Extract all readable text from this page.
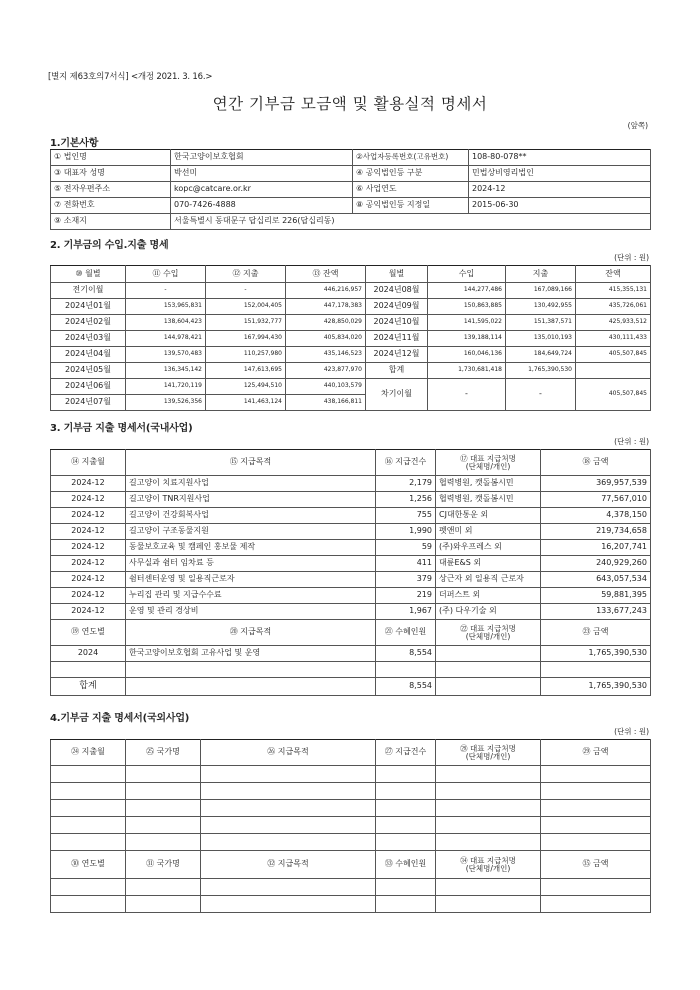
[별지 제63호의7서식] <개정 2021. 3. 16.>
연간 기부금 모금액 및 활용실적 명세서
(앞쪽)
1.기본사항
① 법인명	한국고양이보호협회	②사업자등록번호(고유번호)	108-80-078**
③ 대표자 성명	박선미	④ 공익법인등 구분	민법상비영리법인
⑤ 전자우편주소	kopc@catcare.or.kr	⑥ 사업연도	2024-12
⑦ 전화번호	070-7426-4888	⑧ 공익법인등 지정일	2015-06-30
⑨ 소재지	서울특별시 동대문구 답십리로 226(답십리동)		
2. 기부금의 수입.지출 명세
(단위 : 원)
⑩ 월별	⑪ 수입	⑫ 지출	⑬ 잔액	월별	수입	지출	잔액
전기이월	-	-	446,216,957	2024년08월	144,277,486	167,089,166	415,355,131
2024년01월	153,965,831	152,004,405	447,178,383	2024년09월	150,863,885	130,492,955	435,726,061
2024년02월	138,604,423	151,932,777	428,850,029	2024년10월	141,595,022	151,387,571	425,933,512
2024년03월	144,978,421	167,994,430	405,834,020	2024년11월	139,188,114	135,010,193	430,111,433
2024년04월	139,570,483	110,257,980	435,146,523	2024년12월	160,046,136	184,649,724	405,507,845
2024년05월	136,345,142	147,613,695	423,877,970	합계	1,730,681,418	1,765,390,530	
2024년06월	141,720,119	125,494,510	440,103,579	차기이월	-	-	405,507,845
2024년07월	139,526,356	141,463,124	438,166,811				
3. 기부금 지출 명세서(국내사업)
(단위 : 원)
⑭ 지출월	⑮ 지급목적	⑯ 지급건수	⑰ 대표 지급처명
(단체명/개인)	⑱ 금액
2024-12	길고양이 치료지원사업	2,179	협력병원, 캣돌봄시민	369,957,539
2024-12	길고양이 TNR지원사업	1,256	협력병원, 캣돌봄시민	77,567,010
2024-12	길고양이 건강회복사업	755	CJ대한통운 외	4,378,150
2024-12	길고양이 구조동물지원	1,990	펫앤미 외	219,734,658
2024-12	동물보호교육 및 캠페인 홍보물 제작	59	(주)와우프레스 외	16,207,741
2024-12	사무실과 쉼터 임차료 등	411	대륜E&S 외	240,929,260
2024-12	쉼터센터운영 및 일용직근로자	379	상근자 외 일용직 근로자	643,057,534
2024-12	누리집 관리 및 지급수수료	219	더퍼스트 외	59,881,395
2024-12	운영 및 관리 경상비	1,967	(주) 다우기술 외	133,677,243
⑲ 연도별	⑳ 지급목적	㉑ 수혜인원	㉒ 대표 지급처명
(단체명/개인)	㉓ 금액
2024	한국고양이보호협회 고유사업 및 운영	8,554		1,765,390,530

합계		8,554		1,765,390,530
4.기부금 지출 명세서(국외사업)
(단위 : 원)
㉔ 지출월	㉕ 국가명	㉖ 지급목적	㉗ 지급건수	㉘ 대표 지급처명
(단체명/개인)	㉙ 금액

㉚ 연도별	㉛ 국가명	㉜ 지급목적	㉝ 수혜인원	㉞ 대표 지급처명
(단체명/개인)	㉟ 금액
